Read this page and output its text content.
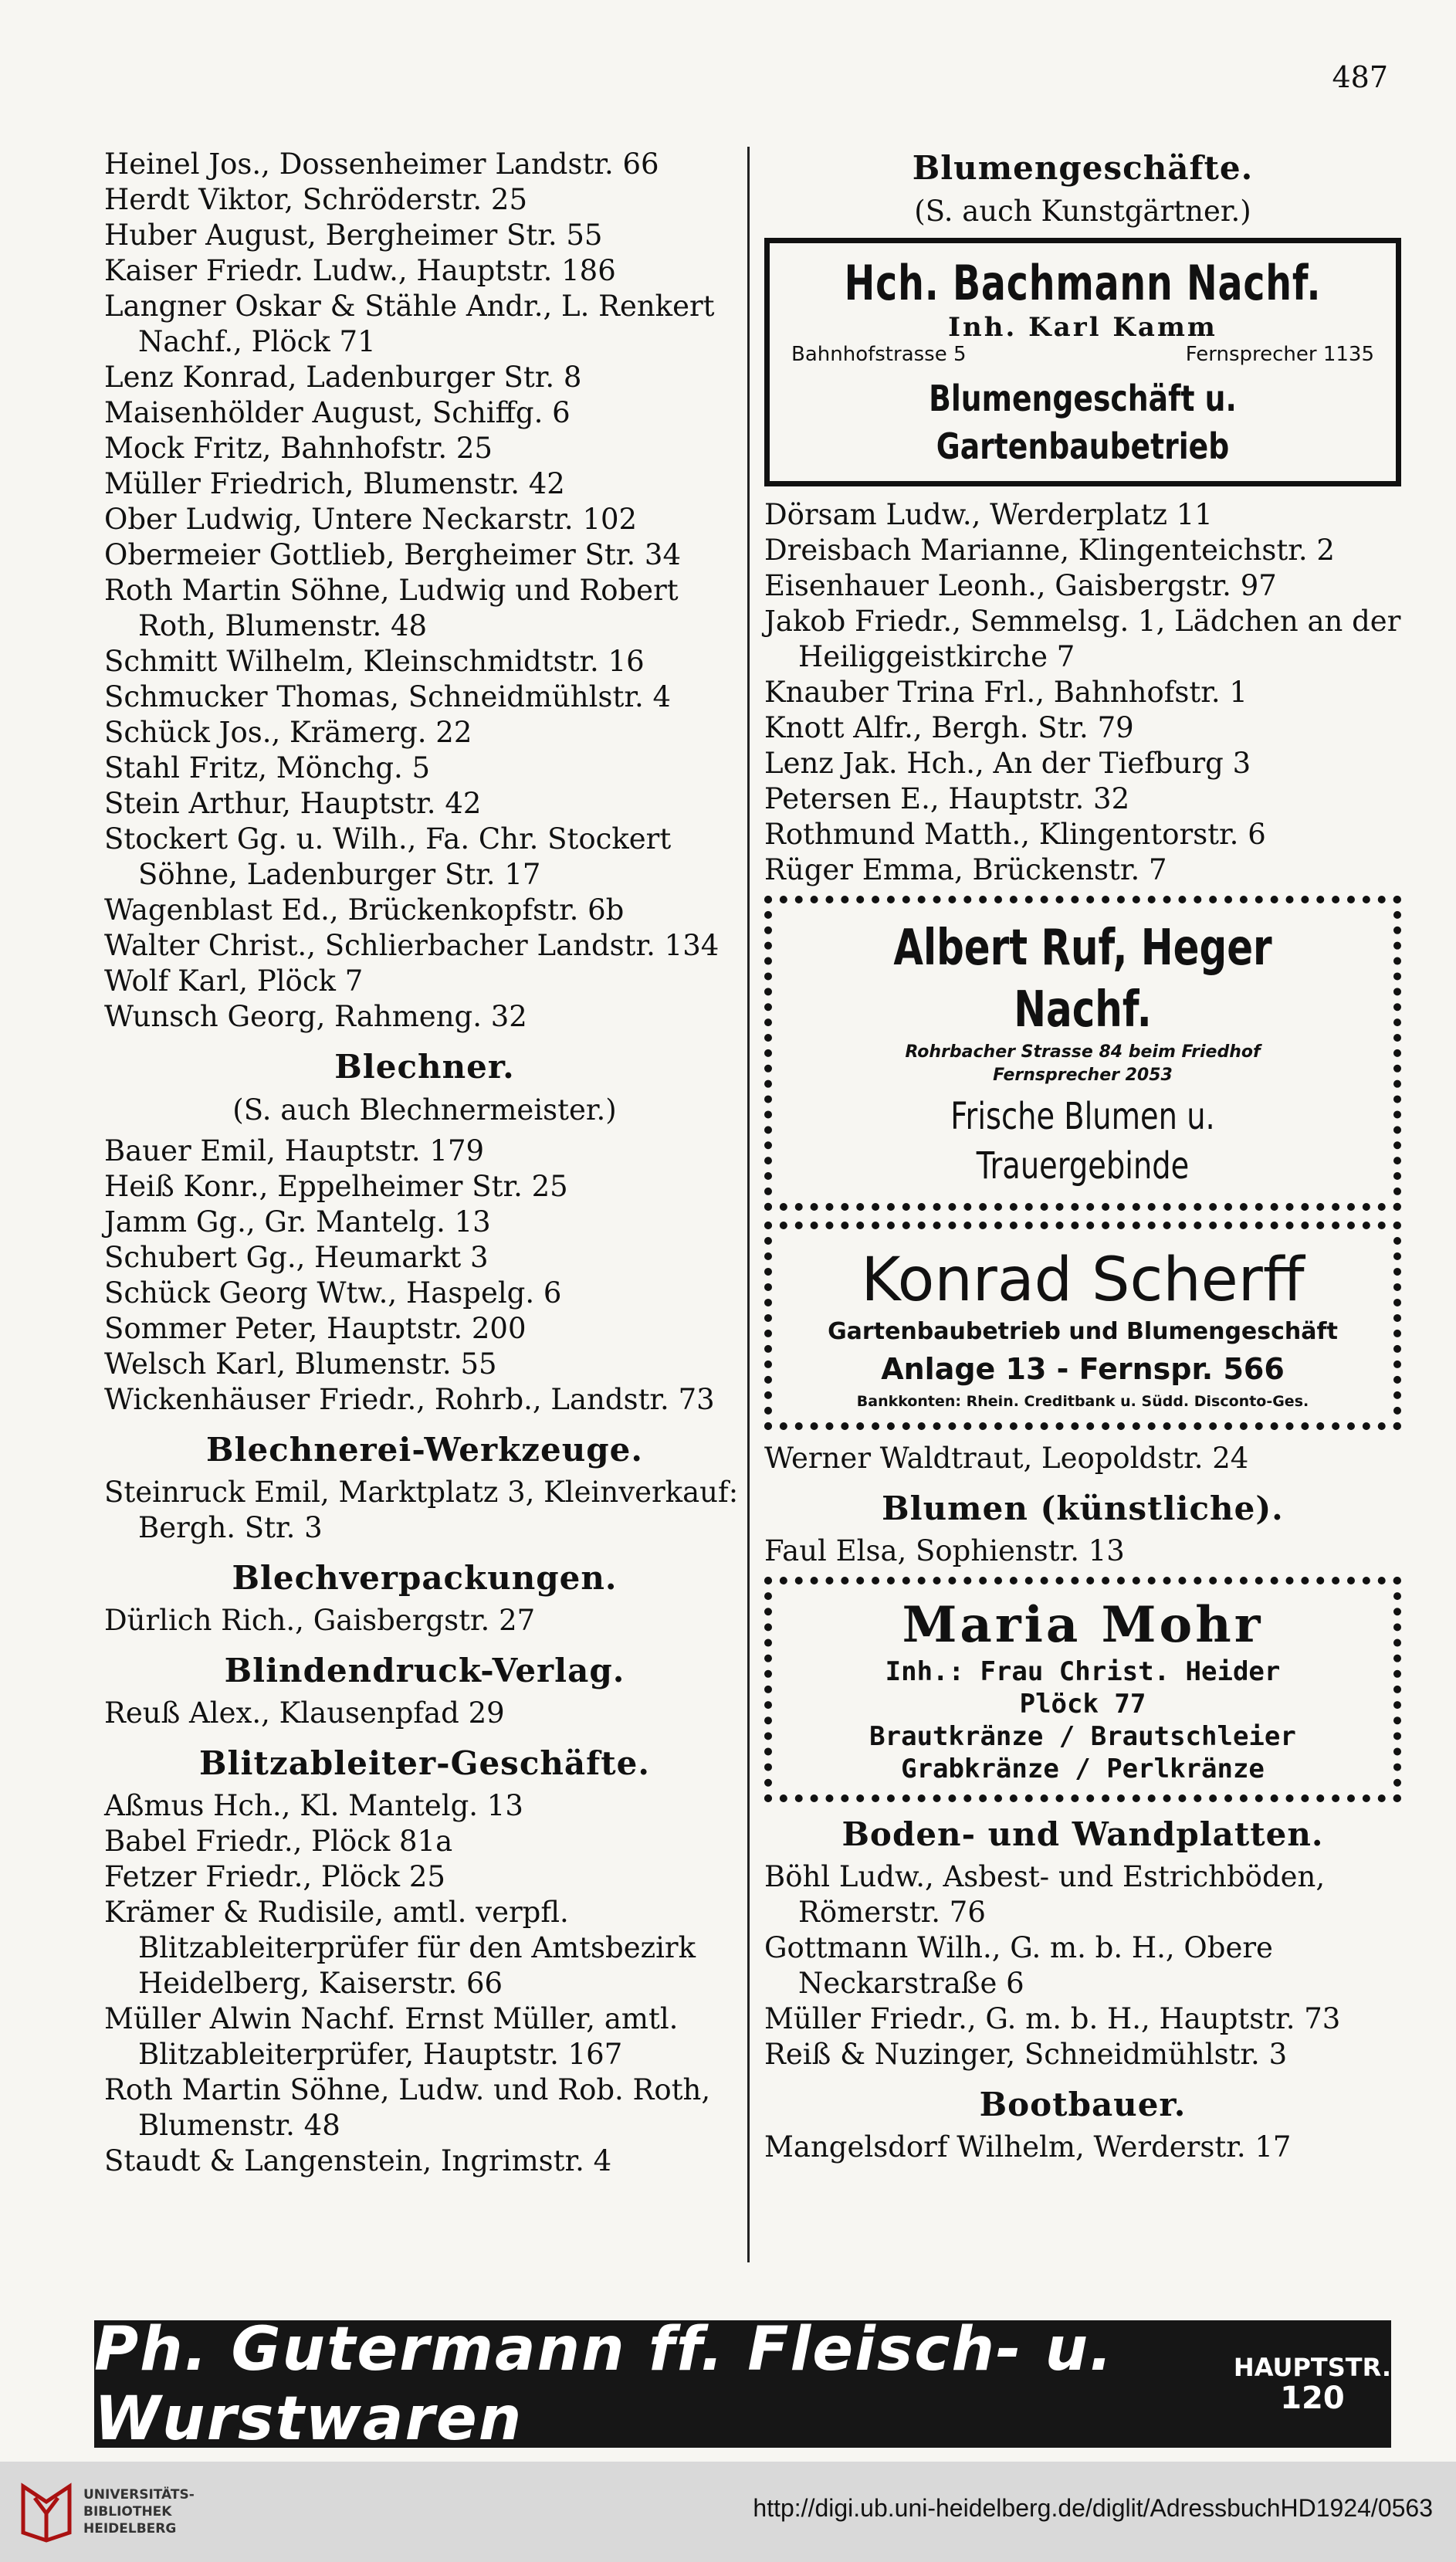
487
Heinel Jos., Dossenheimer Landstr. 66
Herdt Viktor, Schröderstr. 25
Huber August, Bergheimer Str. 55
Kaiser Friedr. Ludw., Hauptstr. 186
Langner Oskar & Stähle Andr., L. Renkert Nachf., Plöck 71
Lenz Konrad, Ladenburger Str. 8
Maisenhölder August, Schiffg. 6
Mock Fritz, Bahnhofstr. 25
Müller Friedrich, Blumenstr. 42
Ober Ludwig, Untere Neckarstr. 102
Obermeier Gottlieb, Bergheimer Str. 34
Roth Martin Söhne, Ludwig und Robert Roth, Blumenstr. 48
Schmitt Wilhelm, Kleinschmidtstr. 16
Schmucker Thomas, Schneidmühlstr. 4
Schück Jos., Krämerg. 22
Stahl Fritz, Mönchg. 5
Stein Arthur, Hauptstr. 42
Stockert Gg. u. Wilh., Fa. Chr. Stockert Söhne, Ladenburger Str. 17
Wagenblast Ed., Brückenkopfstr. 6b
Walter Christ., Schlierbacher Landstr. 134
Wolf Karl, Plöck 7
Wunsch Georg, Rahmeng. 32
Blechner.
(S. auch Blechnermeister.)
Bauer Emil, Hauptstr. 179
Heiß Konr., Eppelheimer Str. 25
Jamm Gg., Gr. Mantelg. 13
Schubert Gg., Heumarkt 3
Schück Georg Wtw., Haspelg. 6
Sommer Peter, Hauptstr. 200
Welsch Karl, Blumenstr. 55
Wickenhäuser Friedr., Rohrb., Landstr. 73
Blechnerei-Werkzeuge.
Steinruck Emil, Marktplatz 3, Kleinverkauf: Bergh. Str. 3
Blechverpackungen.
Dürlich Rich., Gaisbergstr. 27
Blindendruck-Verlag.
Reuß Alex., Klausenpfad 29
Blitzableiter-Geschäfte.
Aßmus Hch., Kl. Mantelg. 13
Babel Friedr., Plöck 81a
Fetzer Friedr., Plöck 25
Krämer & Rudisile, amtl. verpfl. Blitzableiterprüfer für den Amtsbezirk Heidelberg, Kaiserstr. 66
Müller Alwin Nachf. Ernst Müller, amtl. Blitzableiterprüfer, Hauptstr. 167
Roth Martin Söhne, Ludw. und Rob. Roth, Blumenstr. 48
Staudt & Langenstein, Ingrimstr. 4
Blumengeschäfte.
(S. auch Kunstgärtner.)
Hch. Bachmann Nachf.
Inh. Karl Kamm
Bahnhofstrasse 5	Fernsprecher 1135
Blumengeschäft u. Gartenbaubetrieb
Dörsam Ludw., Werderplatz 11
Dreisbach Marianne, Klingenteichstr. 2
Eisenhauer Leonh., Gaisbergstr. 97
Jakob Friedr., Semmelsg. 1, Lädchen an der Heiliggeistkirche 7
Knauber Trina Frl., Bahnhofstr. 1
Knott Alfr., Bergh. Str. 79
Lenz Jak. Hch., An der Tiefburg 3
Petersen E., Hauptstr. 32
Rothmund Matth., Klingentorstr. 6
Rüger Emma, Brückenstr. 7
Albert Ruf, Heger Nachf.
Rohrbacher Strasse 84 beim Friedhof
Fernsprecher 2053
Frische Blumen u. Trauergebinde
Konrad Scherff
Gartenbaubetrieb und Blumengeschäft
Anlage 13 - Fernspr. 566
Bankkonten: Rhein. Creditbank u. Südd. Disconto-Ges.
Werner Waldtraut, Leopoldstr. 24
Blumen (künstliche).
Faul Elsa, Sophienstr. 13
Maria Mohr
Inh.: Frau Christ. Heider
Plöck 77
Brautkränze / Brautschleier
Grabkränze / Perlkränze
Boden- und Wandplatten.
Böhl Ludw., Asbest- und Estrichböden, Römerstr. 76
Gottmann Wilh., G. m. b. H., Obere Neckarstraße 6
Müller Friedr., G. m. b. H., Hauptstr. 73
Reiß & Nuzinger, Schneidmühlstr. 3
Bootbauer.
Mangelsdorf Wilhelm, Werderstr. 17
Ph. Gutermann ff. Fleisch- u. Wurstwaren
HAUPTSTR.
120
UNIVERSITÄTS-
BIBLIOTHEK
HEIDELBERG
http://digi.ub.uni-heidelberg.de/diglit/AdressbuchHD1924/0563
